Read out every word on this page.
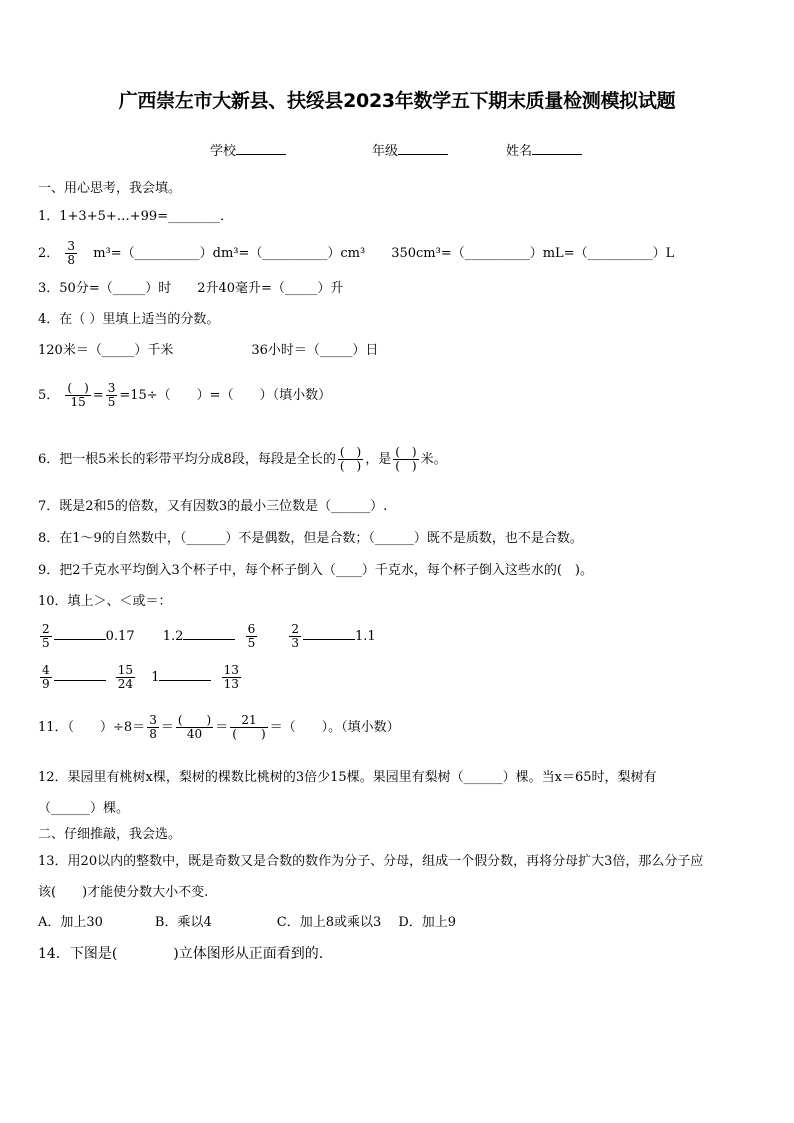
广西崇左市大新县、扶绥县2023年数学五下期末质量检测模拟试题
学校	年级	姓名
一、用心思考，我会填。
1．1+3+5+…+99=________．
2． $\frac{3}{8}$ m³=（__________）dm³=（__________）cm³　　350cm³=（__________）mL=（__________）L
3．50分=（_____）时　　2升40毫升=（_____）升
4．在（ ）里填上适当的分数。
120米＝（_____）千米　　　　　　36小时＝（_____）日
5． $\frac{( )}{15} = \frac{3}{5} =15\div$（　　）=（　　）（填小数）
6．把一根5米长的彩带平均分成8段，每段是全长的 $\frac{( )}{( )}$ ，是 $\frac{( )}{( )}$ 米。
7．既是2和5的倍数，又有因数3的最小三位数是（______）.
8．在1～9的自然数中，（______）不是偶数，但是合数；（______）既不是质数，也不是合数。
9．把2千克水平均倒入3个杯子中，每个杯子倒入（____）千克水，每个杯子倒入这些水的(　)。
10．填上＞、＜或＝：
$\frac{2}{5}$	0.17 1.2	$\frac{6}{5}$
	$\frac{2}{3}$	1.1
$\frac{4}{9}$
	$\frac{15}{24} 1$	$\frac{13}{13}$
11．（　　）$\div 8= \frac{3}{8} = \frac{( )}{40} = \frac{21}{( )}$ ＝（　　）。（填小数）
12．果园里有桃树x棵，梨树的棵数比桃树的3倍少15棵。果园里有梨树（______）棵。当x＝65时，梨树有
（______）棵。
二、仔细推敲，我会选。
13．用20以内的整数中，既是奇数又是合数的数作为分子、分母，组成一个假分数，再将分母扩大3倍，那么分子应
该(　　)才能使分数大小不变.
A．加上30　　　　B．乘以4　　　　　C．加上8或乘以3　 D．加上9
14．下图是(　　　　)立体图形从正面看到的.
